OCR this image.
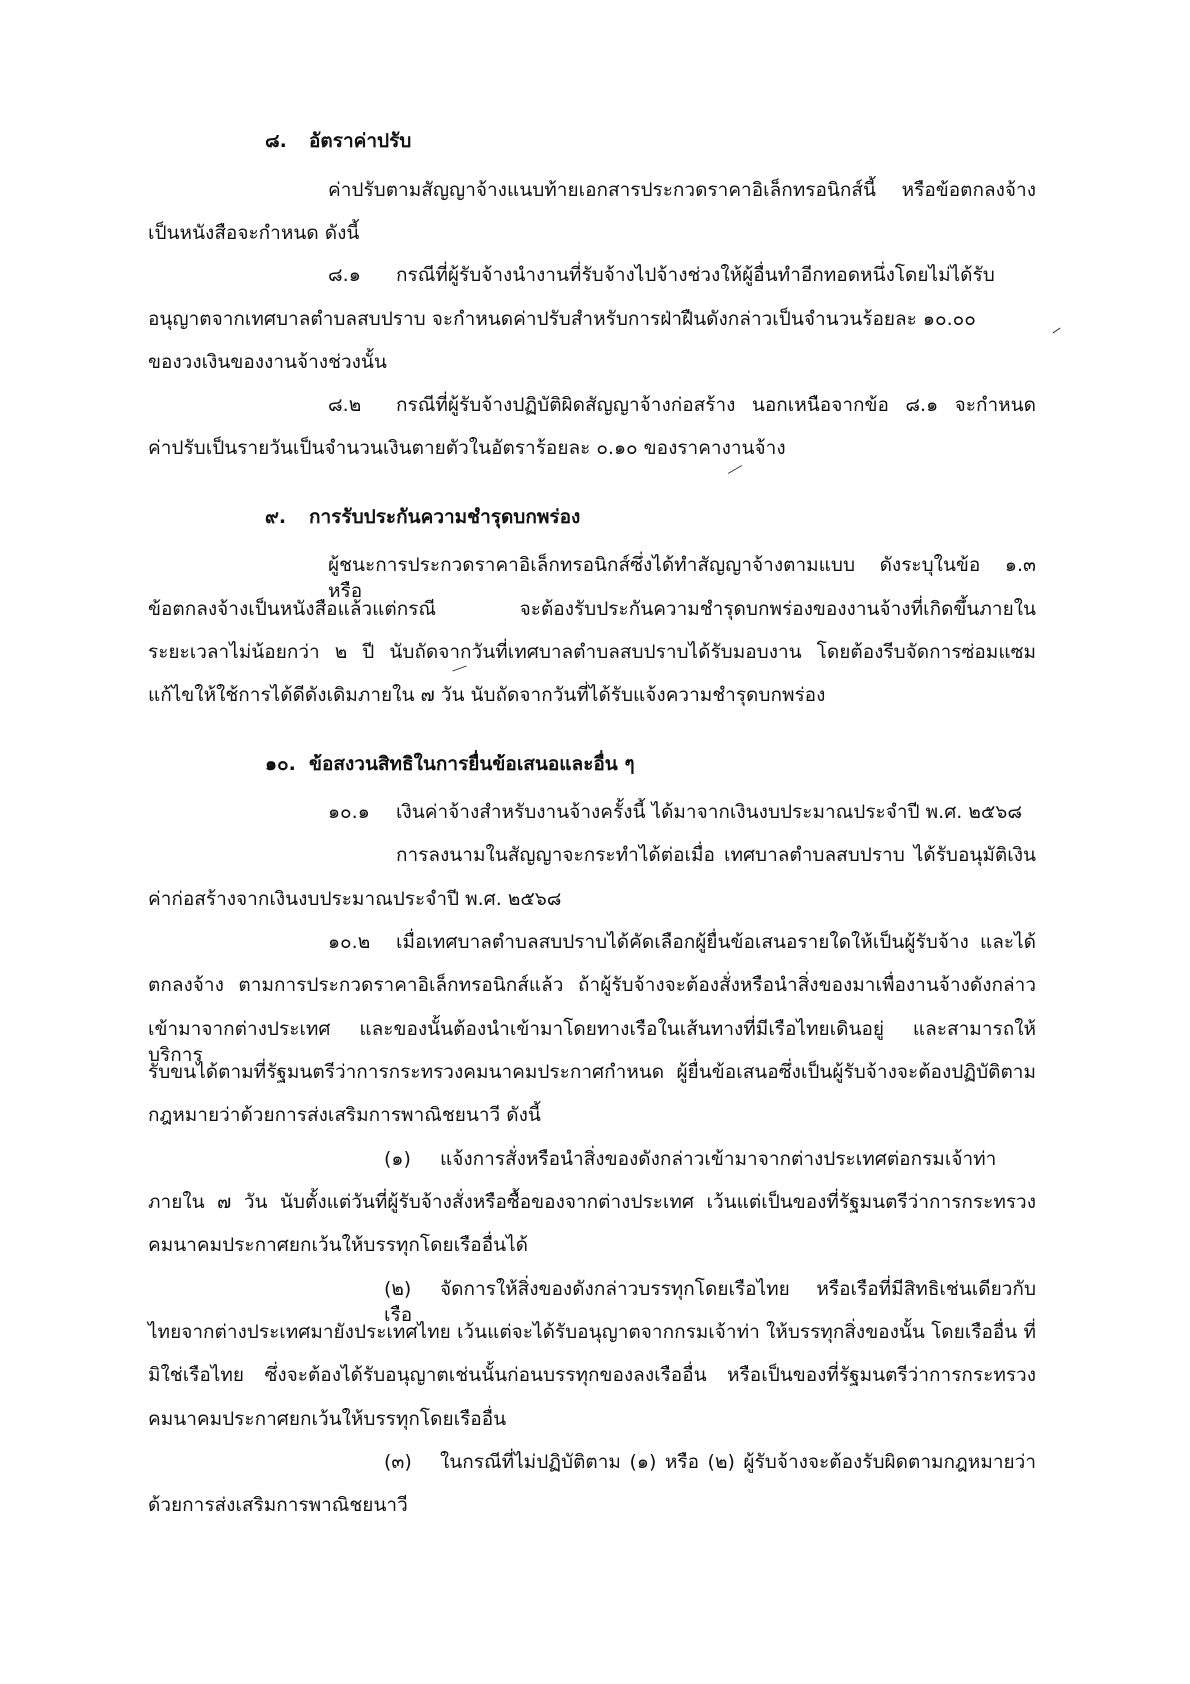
๘. อัตราค่าปรับ
ค่าปรับตามสัญญาจ้างแนบท้ายเอกสารประกวดราคาอิเล็กทรอนิกส์นี้ หรือข้อตกลงจ้าง
เป็นหนังสือจะกำหนด ดังนี้
๘.๑ กรณีที่ผู้รับจ้างนำงานที่รับจ้างไปจ้างช่วงให้ผู้อื่นทำอีกทอดหนึ่งโดยไม่ได้รับ
อนุญาตจากเทศบาลตำบลสบปราบ จะกำหนดค่าปรับสำหรับการฝ่าฝืนดังกล่าวเป็นจำนวนร้อยละ ๑๐.๐๐
ของวงเงินของงานจ้างช่วงนั้น
๘.๒ กรณีที่ผู้รับจ้างปฏิบัติผิดสัญญาจ้างก่อสร้าง นอกเหนือจากข้อ ๘.๑ จะกำหนด
ค่าปรับเป็นรายวันเป็นจำนวนเงินตายตัวในอัตราร้อยละ ๐.๑๐ ของราคางานจ้าง
๙. การรับประกันความชำรุดบกพร่อง
ผู้ชนะการประกวดราคาอิเล็กทรอนิกส์ซึ่งได้ทำสัญญาจ้างตามแบบ ดังระบุในข้อ ๑.๓ หรือ
ข้อตกลงจ้างเป็นหนังสือแล้วแต่กรณี จะต้องรับประกันความชำรุดบกพร่องของงานจ้างที่เกิดขึ้นภายใน
ระยะเวลาไม่น้อยกว่า ๒ ปี นับถัดจากวันที่เทศบาลตำบลสบปราบได้รับมอบงาน โดยต้องรีบจัดการซ่อมแซม
แก้ไขให้ใช้การได้ดีดังเดิมภายใน ๗ วัน นับถัดจากวันที่ได้รับแจ้งความชำรุดบกพร่อง
๑๐. ข้อสงวนสิทธิในการยื่นข้อเสนอและอื่น ๆ
๑๐.๑ เงินค่าจ้างสำหรับงานจ้างครั้งนี้ ได้มาจากเงินงบประมาณประจำปี พ.ศ. ๒๕๖๘
การลงนามในสัญญาจะกระทำได้ต่อเมื่อ เทศบาลตำบลสบปราบ ได้รับอนุมัติเงิน
ค่าก่อสร้างจากเงินงบประมาณประจำปี พ.ศ. ๒๕๖๘
๑๐.๒ เมื่อเทศบาลตำบลสบปราบได้คัดเลือกผู้ยื่นข้อเสนอรายใดให้เป็นผู้รับจ้าง และได้
ตกลงจ้าง ตามการประกวดราคาอิเล็กทรอนิกส์แล้ว ถ้าผู้รับจ้างจะต้องสั่งหรือนำสิ่งของมาเพื่องานจ้างดังกล่าว
เข้ามาจากต่างประเทศ และของนั้นต้องนำเข้ามาโดยทางเรือในเส้นทางที่มีเรือไทยเดินอยู่ และสามารถให้บริการ
รับขนได้ตามที่รัฐมนตรีว่าการกระทรวงคมนาคมประกาศกำหนด ผู้ยื่นข้อเสนอซึ่งเป็นผู้รับจ้างจะต้องปฏิบัติตาม
กฎหมายว่าด้วยการส่งเสริมการพาณิชยนาวี ดังนี้
(๑) แจ้งการสั่งหรือนำสิ่งของดังกล่าวเข้ามาจากต่างประเทศต่อกรมเจ้าท่า
ภายใน ๗ วัน นับตั้งแต่วันที่ผู้รับจ้างสั่งหรือซื้อของจากต่างประเทศ เว้นแต่เป็นของที่รัฐมนตรีว่าการกระทรวง
คมนาคมประกาศยกเว้นให้บรรทุกโดยเรืออื่นได้
(๒) จัดการให้สิ่งของดังกล่าวบรรทุกโดยเรือไทย หรือเรือที่มีสิทธิเช่นเดียวกับเรือ
ไทยจากต่างประเทศมายังประเทศไทย เว้นแต่จะได้รับอนุญาตจากกรมเจ้าท่า ให้บรรทุกสิ่งของนั้น โดยเรืออื่น ที่
มิใช่เรือไทย ซึ่งจะต้องได้รับอนุญาตเช่นนั้นก่อนบรรทุกของลงเรืออื่น หรือเป็นของที่รัฐมนตรีว่าการกระทรวง
คมนาคมประกาศยกเว้นให้บรรทุกโดยเรืออื่น
(๓) ในกรณีที่ไม่ปฏิบัติตาม (๑) หรือ (๒) ผู้รับจ้างจะต้องรับผิดตามกฎหมายว่า
ด้วยการส่งเสริมการพาณิชยนาวี
